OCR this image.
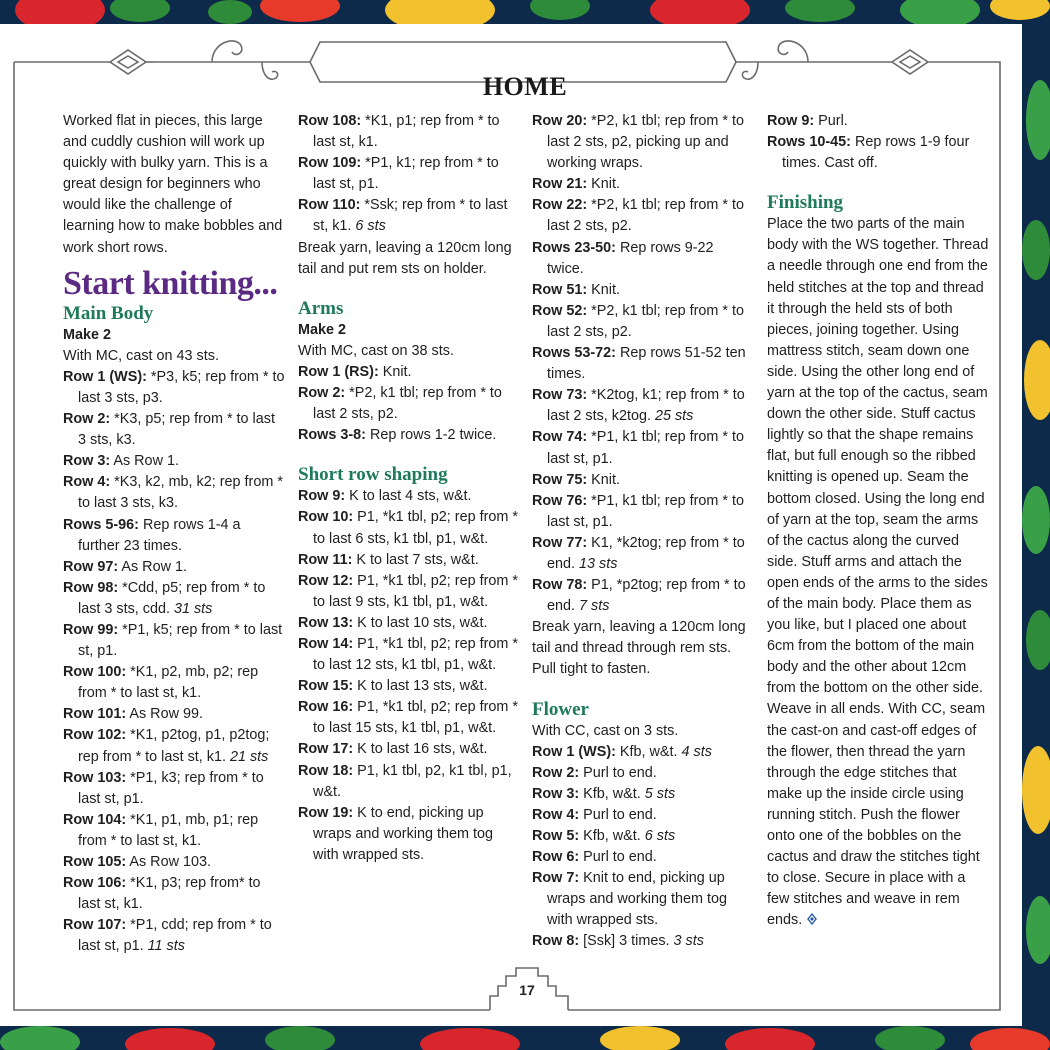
HOME

Worked flat in pieces, this large and cuddly cushion will work up quickly with bulky yarn. This is a great design for beginners who would like the challenge of learning how to make bobbles and work short rows.

Start knitting...
Main Body

Make 2

With MC, cast on 43 sts.

Row 1 (WS): *P3, k5; rep from * to last 3 sts, p3.

Row 2: *K3, p5; rep from * to last 3 sts, k3.

Row 3: As Row 1.

Row 4: *K3, k2, mb, k2; rep from * to last 3 sts, k3.

Rows 5-96: Rep rows 1-4 a further 23 times.

Row 97: As Row 1.

Row 98: *Cdd, p5; rep from * to last 3 sts, cdd. 31 sts

Row 99: *P1, k5; rep from * to last st, p1.

Row 100: *K1, p2, mb, p2; rep from * to last st, k1.

Row 101: As Row 99.

Row 102: *K1, p2tog, p1, p2tog; rep from * to last st, k1. 21 sts

Row 103: *P1, k3; rep from * to last st, p1.

Row 104: *K1, p1, mb, p1; rep from * to last st, k1.

Row 105: As Row 103.

Row 106: *K1, p3; rep from* to last st, k1.

Row 107: *P1, cdd; rep from * to last st, p1. 11 sts

Row 108: *K1, p1; rep from * to last st, k1.

Row 109: *P1, k1; rep from * to last st, p1.

Row 110: *Ssk; rep from * to last st, k1. 6 sts

Break yarn, leaving a 120cm long tail and put rem sts on holder.

Arms

Make 2

With MC, cast on 38 sts.

Row 1 (RS): Knit.

Row 2: *P2, k1 tbl; rep from * to last 2 sts, p2.

Rows 3-8: Rep rows 1-2 twice.

Short row shaping

Row 9: K to last 4 sts, w&t.

Row 10: P1, *k1 tbl, p2; rep from * to last 6 sts, k1 tbl, p1, w&t.

Row 11: K to last 7 sts, w&t.

Row 12: P1, *k1 tbl, p2; rep from * to last 9 sts, k1 tbl, p1, w&t.

Row 13: K to last 10 sts, w&t.

Row 14: P1, *k1 tbl, p2; rep from * to last 12 sts, k1 tbl, p1, w&t.

Row 15: K to last 13 sts, w&t.

Row 16: P1, *k1 tbl, p2; rep from * to last 15 sts, k1 tbl, p1, w&t.

Row 17: K to last 16 sts, w&t.

Row 18: P1, k1 tbl, p2, k1 tbl, p1, w&t.

Row 19: K to end, picking up wraps and working them tog with wrapped sts.

Row 20: *P2, k1 tbl; rep from * to last 2 sts, p2, picking up and working wraps.

Row 21: Knit.

Row 22: *P2, k1 tbl; rep from * to last 2 sts, p2.

Rows 23-50: Rep rows 9-22 twice.

Row 51: Knit.

Row 52: *P2, k1 tbl; rep from * to last 2 sts, p2.

Rows 53-72: Rep rows 51-52 ten times.

Row 73: *K2tog, k1; rep from * to last 2 sts, k2tog. 25 sts

Row 74: *P1, k1 tbl; rep from * to last st, p1.

Row 75: Knit.

Row 76: *P1, k1 tbl; rep from * to last st, p1.

Row 77: K1, *k2tog; rep from * to end. 13 sts

Row 78: P1, *p2tog; rep from * to end. 7 sts

Break yarn, leaving a 120cm long tail and thread through rem sts. Pull tight to fasten.

Flower

With CC, cast on 3 sts.

Row 1 (WS): Kfb, w&t. 4 sts

Row 2: Purl to end.

Row 3: Kfb, w&t. 5 sts

Row 4: Purl to end.

Row 5: Kfb, w&t. 6 sts

Row 6: Purl to end.

Row 7: Knit to end, picking up wraps and working them tog with wrapped sts.

Row 8: [Ssk] 3 times. 3 sts

Row 9: Purl.

Rows 10-45: Rep rows 1-9 four times. Cast off.

Finishing

Place the two parts of the main body with the WS together. Thread a needle through one end from the held stitches at the top and thread it through the held sts of both pieces, joining together. Using mattress stitch, seam down one side. Using the other long end of yarn at the top of the cactus, seam down the other side. Stuff cactus lightly so that the shape remains flat, but full enough so the ribbed knitting is opened up. Seam the bottom closed. Using the long end of yarn at the top, seam the arms of the cactus along the curved side. Stuff arms and attach the open ends of the arms to the sides of the main body. Place them as you like, but I placed one about 6cm from the bottom of the main body and the other about 12cm from the bottom on the other side. Weave in all ends. With CC, seam the cast-on and cast-off edges of the flower, then thread the yarn through the edge stitches that make up the inside circle using running stitch. Push the flower onto one of the bobbles on the cactus and draw the stitches tight to close. Secure in place with a few stitches and weave in rem ends.

17
